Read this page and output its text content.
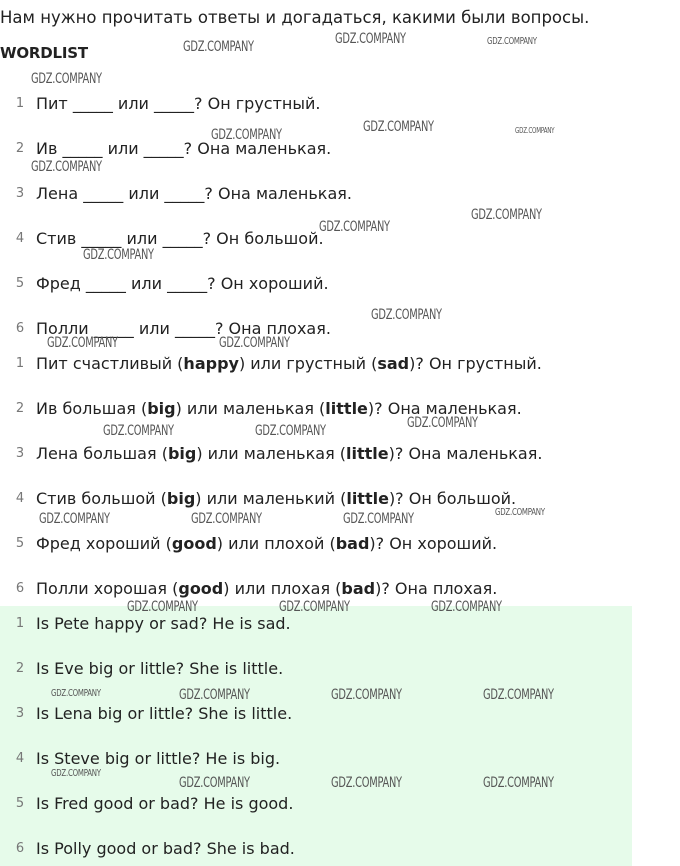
Нам нужно прочитать ответы и догадаться, какими были вопросы.
WORDLIST
1 Пит _____ или _____? Он грустный.
2 Ив _____ или _____? Она маленькая.
3 Лена _____ или _____? Она маленькая.
4 Стив _____ или _____? Он большой.
5 Фред _____ или _____? Он хороший.
6 Полли _____ или _____? Она плохая.
1 Пит счастливый (happy) или грустный (sad)? Он грустный.
2 Ив большая (big) или маленькая (little)? Она маленькая.
3 Лена большая (big) или маленькая (little)? Она маленькая.
4 Стив большой (big) или маленький (little)? Он большой.
5 Фред хороший (good) или плохой (bad)? Он хороший.
6 Полли хорошая (good) или плохая (bad)? Она плохая.
1 Is Pete happy or sad? He is sad.
2 Is Eve big or little? She is little.
3 Is Lena big or little? She is little.
4 Is Steve big or little? He is big.
5 Is Fred good or bad? He is good.
6 Is Polly good or bad? She is bad.
GDZ.COMPANY	GDZ.COMPANY	GDZ.COMPANY
GDZ.COMPANY
GDZ.COMPANY	GDZ.COMPANY	GDZ.COMPANY
GDZ.COMPANY
GDZ.COMPANY
GDZ.COMPANY
GDZ.COMPANY
GDZ.COMPANY
GDZ.COMPANY	GDZ.COMPANY
GDZ.COMPANY
GDZ.COMPANY	GDZ.COMPANY
GDZ.COMPANY
GDZ.COMPANY	GDZ.COMPANY	GDZ.COMPANY
GDZ.COMPANY	GDZ.COMPANY	GDZ.COMPANY
GDZ.COMPANY	GDZ.COMPANY	GDZ.COMPANY	GDZ.COMPANY
GDZ.COMPANY
GDZ.COMPANY	GDZ.COMPANY	GDZ.COMPANY
